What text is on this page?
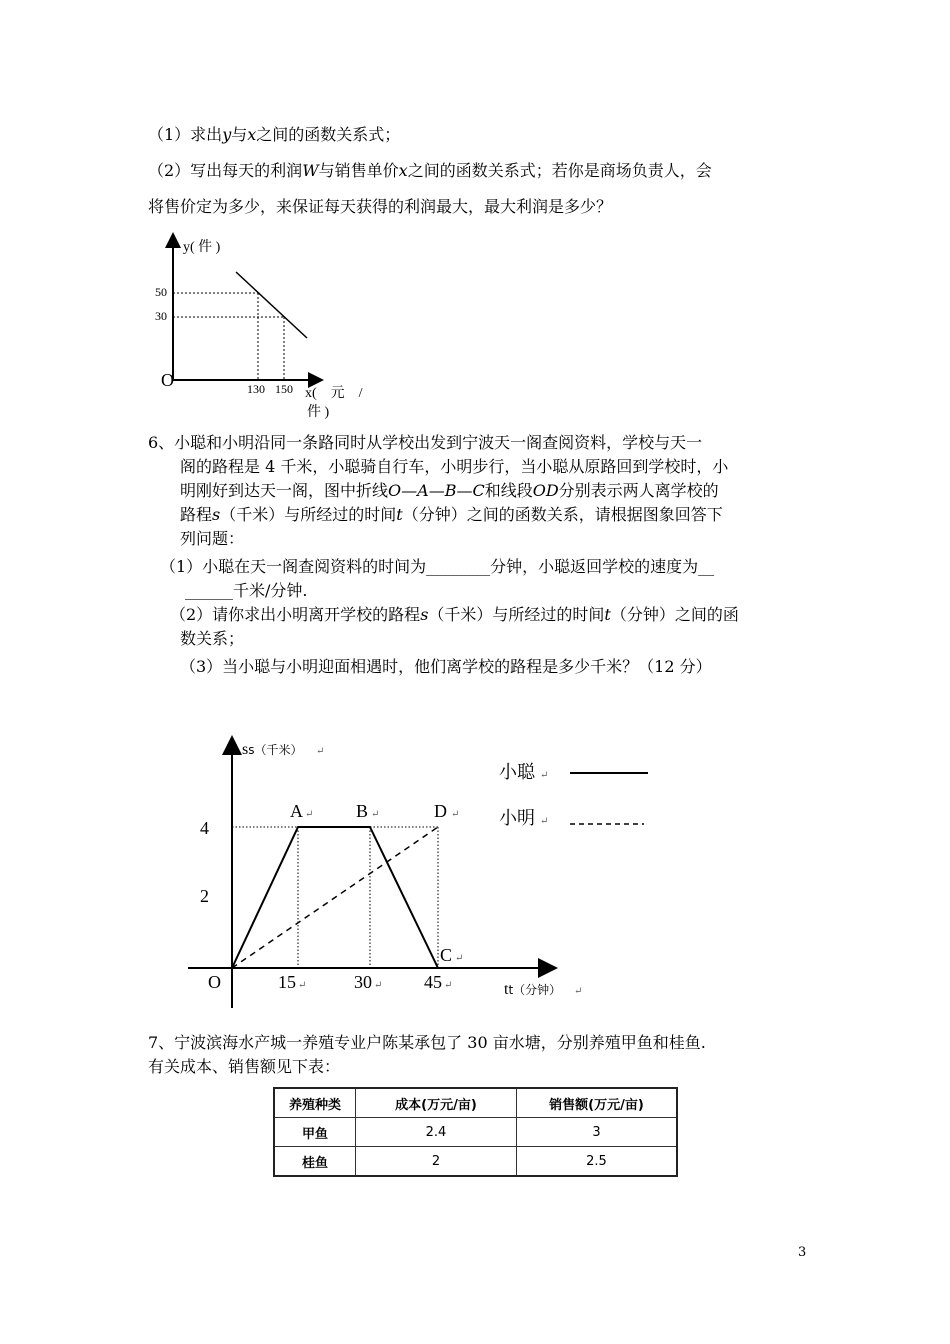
（1）求出y与x之间的函数关系式；
（2）写出每天的利润W与销售单价x之间的函数关系式；若你是商场负责人，会
将售价定为多少，来保证每天获得的利润最大，最大利润是多少？
y( 件 )
50
30
O	130 150 x(　元　/
件 )
6、小聪和小明沿同一条路同时从学校出发到宁波天一阁查阅资料，学校与天一
阁的路程是 4 千米，小聪骑自行车，小明步行，当小聪从原路回到学校时，小
明刚好到达天一阁，图中折线O—A—B—C和线段OD分别表示两人离学校的
路程s（千米）与所经过的时间t（分钟）之间的函数关系，请根据图象回答下
列问题：
（1）小聪在天一阁查阅资料的时间为________分钟，小聪返回学校的速度为__
______千米/分钟.
（2）请你求出小明离开学校的路程s（千米）与所经过的时间t（分钟）之间的函
数关系；
（3）当小聪与小明迎面相遇时，他们离学校的路程是多少千米？（12 分）
ss（千米）
4
2
O	15	30	45
A	B
C
D
tt（分钟）
小聪
小明
↵
↵	↵	↵
↵
↵	↵	↵
↵
↵
↵
7、宁波滨海水产城一养殖专业户陈某承包了 30 亩水塘，分别养殖甲鱼和桂鱼.
有关成本、销售额见下表：
养殖种类	成本(万元/亩)	销售额(万元/亩)
甲鱼	2.4	3
桂鱼	2	2.5
3
